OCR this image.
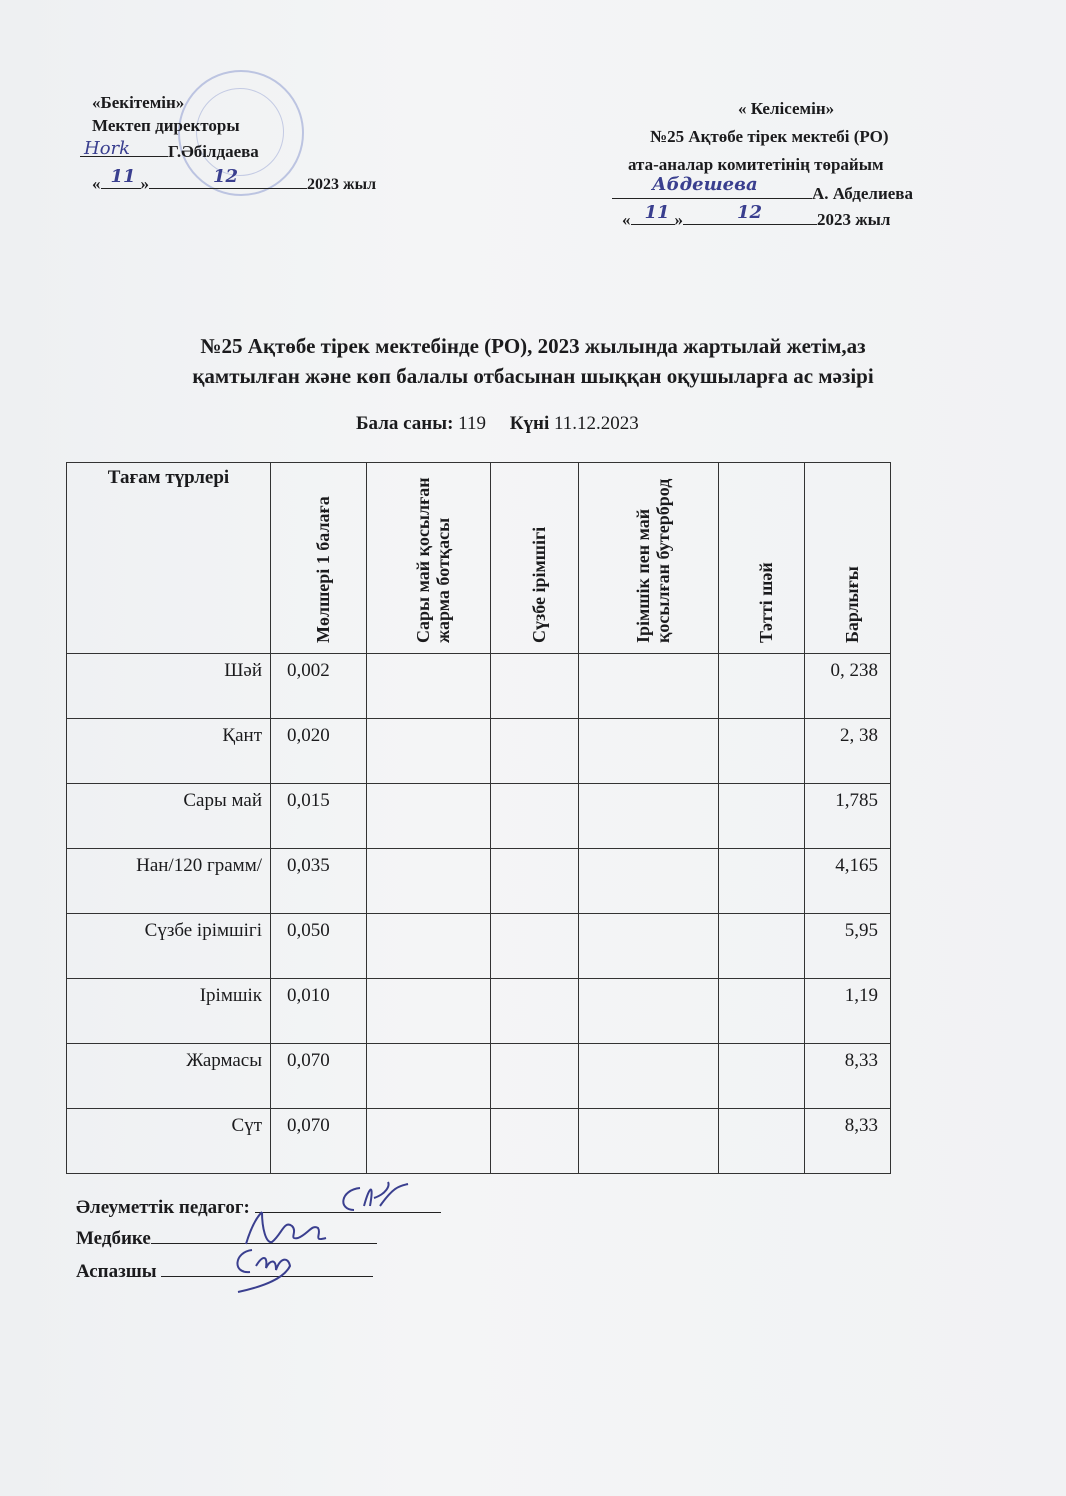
«Бекітемін»
Мектеп директоры
Г.Әбілдаева
Hork
« 11 »	12	2023 жыл
« Келісемін»
№25 Ақтөбе тірек мектебі (РО)
ата-аналар комитетінің төрайым
Абдешева	А. Абделиева
« 11 »	12	2023 жыл
№25 Ақтөбе тірек мектебінде (РО), 2023 жылында жартылай жетім,аз
қамтылған және көп балалы отбасынан шыққан оқушыларға ас мәзірі
Бала саны: 119 Күні 11.12.2023
Тағам түрлері	Мөлшері 1 балаға	Сары май қосылған жарма ботқасы	Сүзбе ірімшігі	Ірімшік пен май қосылған бутерброд	Тәтті шәй	Барлығы

Шәй	0,002					0, 238
Қант	0,020					2, 38
Сары май	0,015					1,785
Нан/120 грамм/	0,035					4,165
Сүзбе ірімшігі	0,050					5,95
Ірімшік	0,010					1,19
Жармасы	0,070					8,33
Сүт	0,070					8,33
Әлеуметтік педагог:
Медбике
Аспазшы
